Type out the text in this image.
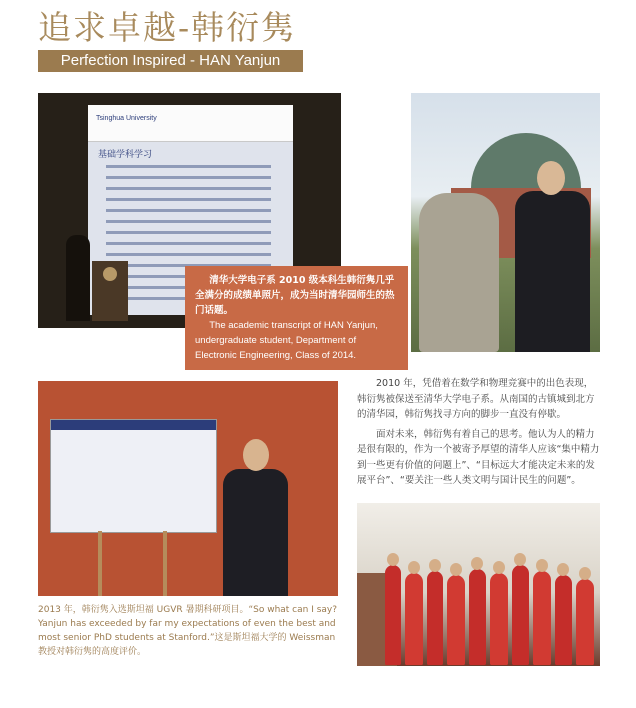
追求卓越-韩衍隽
Perfection Inspired - HAN Yanjun
Tsinghua University
基础学科学习
清华大学电子系 2010 级本科生韩衍隽几乎全满分的成绩单照片，成为当时清华园师生的热门话题。
The academic transcript of HAN Yanjun, undergraduate student, Department of Electronic Engineering, Class of 2014.
2013 年，韩衍隽入选斯坦福 UGVR 暑期科研项目。“So what can I say? Yanjun has exceeded by far my expectations of even the best and most senior PhD students at Stanford.”这是斯坦福大学的 Weissman 教授对韩衍隽的高度评价。

2010 年，凭借着在数学和物理竞赛中的出色表现，韩衍隽被保送至清华大学电子系。从南国的古镇城到北方的清华园，韩衍隽找寻方向的脚步一直没有停歇。

面对未来，韩衍隽有着自己的思考。他认为人的精力是很有限的，作为一个被寄予厚望的清华人应该“集中精力到一些更有价值的问题上”、“目标远大才能决定未来的发展平台”、“要关注一些人类文明与国计民生的问题”。
